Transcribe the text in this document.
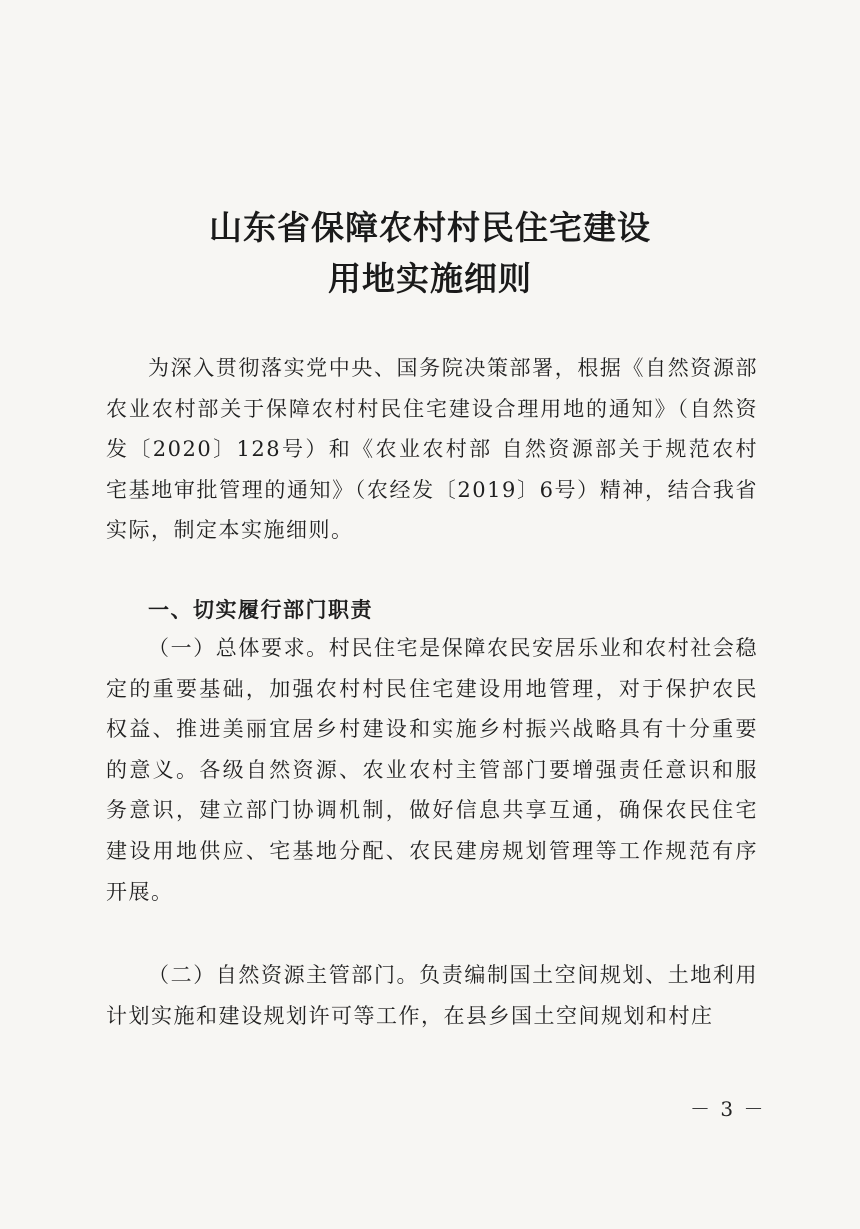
山东省保障农村村民住宅建设
用地实施细则

为深入贯彻落实党中央、国务院决策部署，根据《自然资源部 农业农村部关于保障农村村民住宅建设合理用地的通知》（自然资发〔2020〕128号）和《农业农村部 自然资源部关于规范农村宅基地审批管理的通知》（农经发〔2019〕6号）精神，结合我省实际，制定本实施细则。

一、切实履行部门职责

（一）总体要求。村民住宅是保障农民安居乐业和农村社会稳定的重要基础，加强农村村民住宅建设用地管理，对于保护农民权益、推进美丽宜居乡村建设和实施乡村振兴战略具有十分重要的意义。各级自然资源、农业农村主管部门要增强责任意识和服务意识，建立部门协调机制，做好信息共享互通，确保农民住宅建设用地供应、宅基地分配、农民建房规划管理等工作规范有序开展。

（二）自然资源主管部门。负责编制国土空间规划、土地利用计划实施和建设规划许可等工作，在县乡国土空间规划和村庄

－ 3 －
